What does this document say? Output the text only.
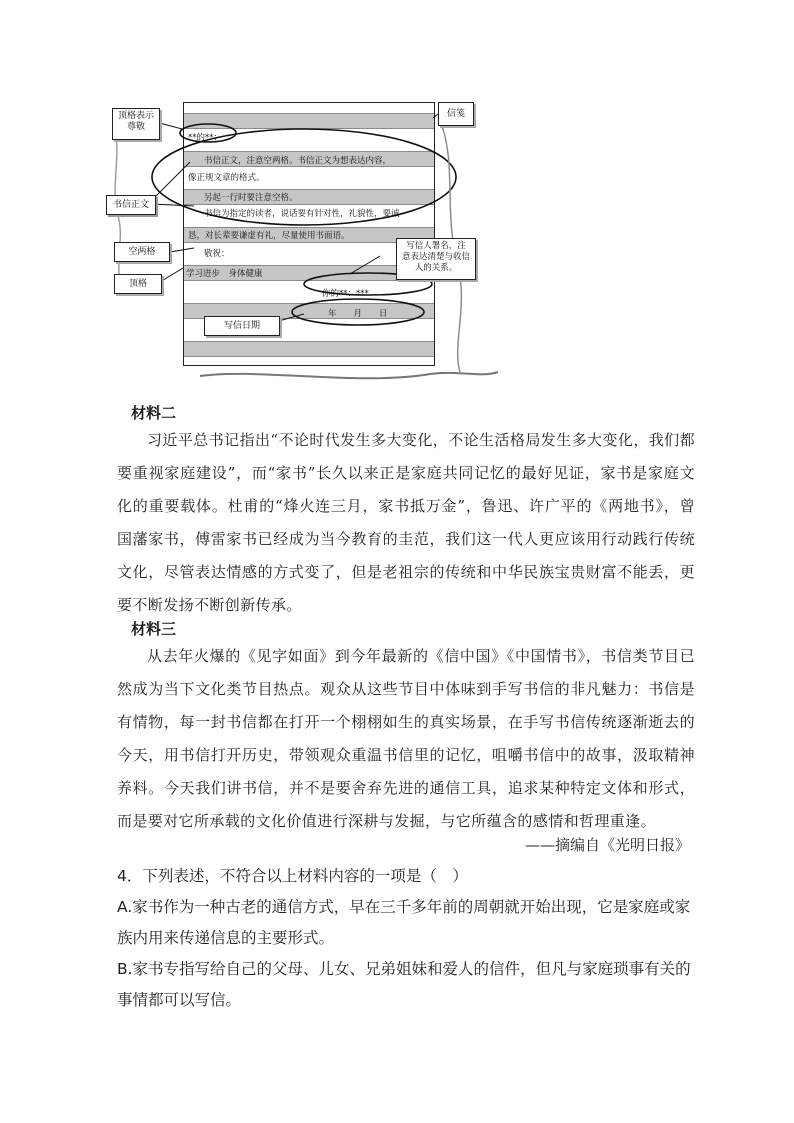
**的**：
书信正文，注意空两格。书信正文为想表达内容，
像正规文章的格式。
另起一行时要注意空格。
书信为指定的读者，说话要有针对性，礼貌性，要诚
恳，对长辈要谦虚有礼，尽量使用书面语。
敬祝：
学习进步　身体健康
你的**：***
年　　月　　日
顶格表示
尊敬
书信正文
空两格
顶格
信笺
写信人署名，注
意表达清楚与收信
人的关系。
写信日期
材料二
习近平总书记指出“不论时代发生多大变化，不论生活格局发生多大变化，我们都要重视家庭建设”，而“家书”长久以来正是家庭共同记忆的最好见证，家书是家庭文化的重要载体。杜甫的“烽火连三月，家书抵万金”，鲁迅、许广平的《两地书》，曾国藩家书，傅雷家书已经成为当今教育的圭范，我们这一代人更应该用行动践行传统文化，尽管表达情感的方式变了，但是老祖宗的传统和中华民族宝贵财富不能丢，更要不断发扬不断创新传承。
材料三
从去年火爆的《见字如面》到今年最新的《信中国》《中国情书》，书信类节目已然成为当下文化类节目热点。观众从这些节目中体味到手写书信的非凡魅力：书信是有情物，每一封书信都在打开一个栩栩如生的真实场景，在手写书信传统逐渐逝去的今天，用书信打开历史，带领观众重温书信里的记忆，咀嚼书信中的故事，汲取精神养料。今天我们讲书信，并不是要舍弃先进的通信工具，追求某种特定文体和形式，而是要对它所承载的文化价值进行深耕与发掘，与它所蕴含的感情和哲理重逢。
——摘编自《光明日报》
4．下列表述，不符合以上材料内容的一项是（　）
A.家书作为一种古老的通信方式，早在三千多年前的周朝就开始出现，它是家庭或家族内用来传递信息的主要形式。
B.家书专指写给自己的父母、儿女、兄弟姐妹和爱人的信件，但凡与家庭琐事有关的事情都可以写信。
